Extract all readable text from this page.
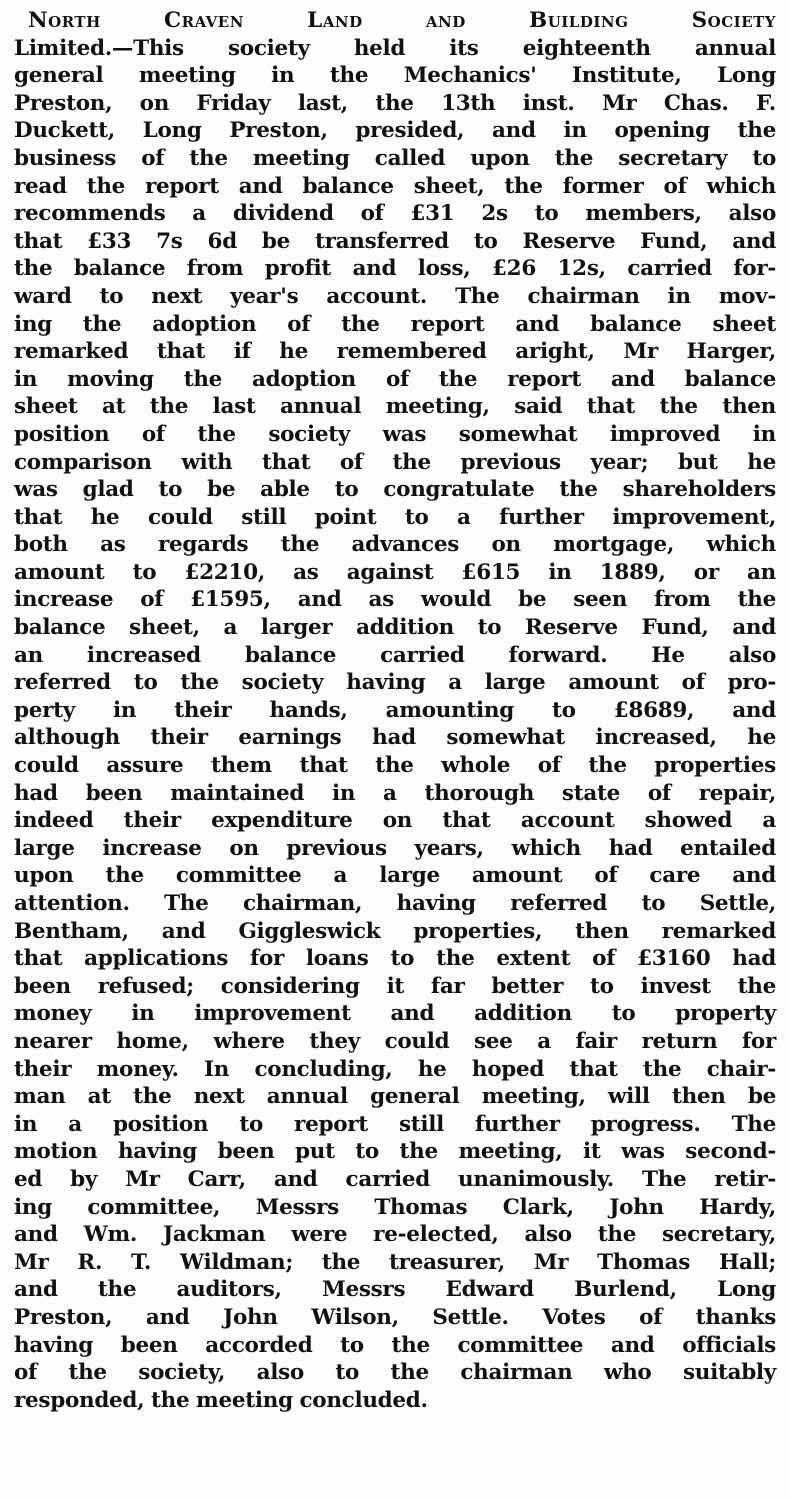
North Craven Land and Building Society
Limited.—This society held its eighteenth annual
general meeting in the Mechanics' Institute, Long
Preston, on Friday last, the 13th inst. Mr Chas. F.
Duckett, Long Preston, presided, and in opening the
business of the meeting called upon the secretary to
read the report and balance sheet, the former of which
recommends a dividend of £31 2s to members, also
that £33 7s 6d be transferred to Reserve Fund, and
the balance from profit and loss, £26 12s, carried for-
ward to next year's account. The chairman in mov-
ing the adoption of the report and balance sheet
remarked that if he remembered aright, Mr Harger,
in moving the adoption of the report and balance
sheet at the last annual meeting, said that the then
position of the society was somewhat improved in
comparison with that of the previous year; but he
was glad to be able to congratulate the shareholders
that he could still point to a further improvement,
both as regards the advances on mortgage, which
amount to £2210, as against £615 in 1889, or an
increase of £1595, and as would be seen from the
balance sheet, a larger addition to Reserve Fund, and
an increased balance carried forward. He also
referred to the society having a large amount of pro-
perty in their hands, amounting to £8689, and
although their earnings had somewhat increased, he
could assure them that the whole of the properties
had been maintained in a thorough state of repair,
indeed their expenditure on that account showed a
large increase on previous years, which had entailed
upon the committee a large amount of care and
attention. The chairman, having referred to Settle,
Bentham, and Giggleswick properties, then remarked
that applications for loans to the extent of £3160 had
been refused; considering it far better to invest the
money in improvement and addition to property
nearer home, where they could see a fair return for
their money. In concluding, he hoped that the chair-
man at the next annual general meeting, will then be
in a position to report still further progress. The
motion having been put to the meeting, it was second-
ed by Mr Carr, and carried unanimously. The retir-
ing committee, Messrs Thomas Clark, John Hardy,
and Wm. Jackman were re-elected, also the secretary,
Mr R. T. Wildman; the treasurer, Mr Thomas Hall;
and the auditors, Messrs Edward Burlend, Long
Preston, and John Wilson, Settle. Votes of thanks
having been accorded to the committee and officials
of the society, also to the chairman who suitably
responded, the meeting concluded.
